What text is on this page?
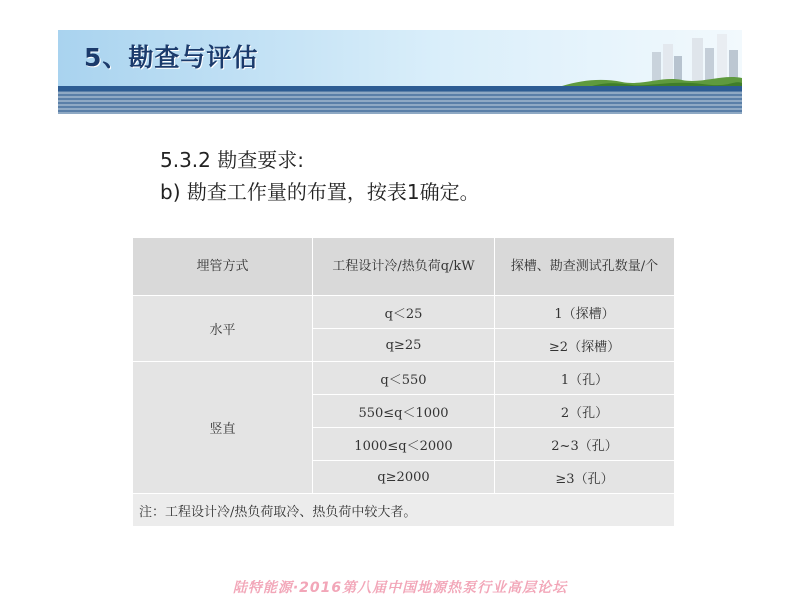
5、勘查与评估

5.3.2 勘查要求:

b) 勘查工作量的布置，按表1确定。

埋管方式	工程设计冷/热负荷q/kW	探槽、勘查测试孔数量/个
水平	q＜25	1（探槽）
	q≥25	≥2（探槽）
竖直	q＜550	1（孔）
	550≤q＜1000	2（孔）
	1000≤q＜2000	2~3（孔）
	q≥2000	≥3（孔）
注：工程设计冷/热负荷取冷、热负荷中较大者。		

陆特能源·2016第八届中国地源热泵行业高层论坛
